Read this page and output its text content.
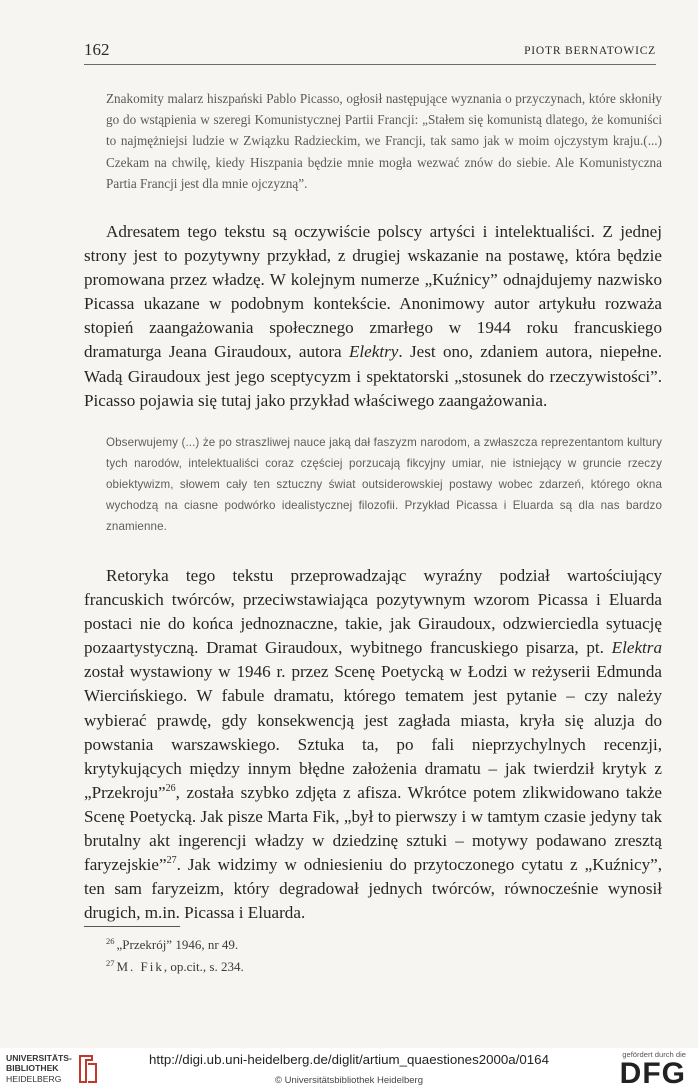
162	PIOTR BERNATOWICZ

Znakomity malarz hiszpański Pablo Picasso, ogłosił następujące wyznania o przyczynach, które skłoniły go do wstąpienia w szeregi Komunistycznej Partii Francji: „Stałem się komunistą dlatego, że komuniści to najmężniejsi ludzie w Związku Radzieckim, we Francji, tak samo jak w moim ojczystym kraju.(...) Czekam na chwilę, kiedy Hiszpania będzie mnie mogła wezwać znów do siebie. Ale Komunistyczna Partia Francji jest dla mnie ojczyzną”.

Adresatem tego tekstu są oczywiście polscy artyści i intelektualiści. Z jednej strony jest to pozytywny przykład, z drugiej wskazanie na postawę, która będzie promowana przez władzę. W kolejnym numerze „Kuźnicy” odnajdujemy nazwisko Picassa ukazane w podobnym kontekście. Anonimowy autor artykułu rozważa stopień zaangażowania społecznego zmarłego w 1944 roku francuskiego dramaturga Jeana Giraudoux, autora Elektry. Jest ono, zdaniem autora, niepełne. Wadą Giraudoux jest jego sceptycyzm i spektatorski „stosunek do rzeczywistości”. Picasso pojawia się tutaj jako przykład właściwego zaangażowania.

Obserwujemy (...) że po straszliwej nauce jaką dał faszyzm narodom, a zwłaszcza reprezentantom kultury tych narodów, intelektualiści coraz częściej porzucają fikcyjny umiar, nie istniejący w gruncie rzeczy obiektywizm, słowem cały ten sztuczny świat outsiderowskiej postawy wobec zdarzeń, którego okna wychodzą na ciasne podwórko idealistycznej filozofii. Przykład Picassa i Eluarda są dla nas bardzo znamienne.

Retoryka tego tekstu przeprowadzając wyraźny podział wartościujący francuskich twórców, przeciwstawiająca pozytywnym wzorom Picassa i Eluarda postaci nie do końca jednoznaczne, takie, jak Giraudoux, odzwierciedla sytuację pozaartystyczną. Dramat Giraudoux, wybitnego francuskiego pisarza, pt. Elektra został wystawiony w 1946 r. przez Scenę Poetycką w Łodzi w reżyserii Edmunda Wiercińskiego. W fabule dramatu, którego tematem jest pytanie – czy należy wybierać prawdę, gdy konsekwencją jest zagłada miasta, kryła się aluzja do powstania warszawskiego. Sztuka ta, po fali nieprzychylnych recenzji, krytykujących między innym błędne założenia dramatu – jak twierdził krytyk z „Przekroju”$^{26}$, została szybko zdjęta z afisza. Wkrótce potem zlikwidowano także Scenę Poetycką. Jak pisze Marta Fik, „był to pierwszy i w tamtym czasie jedyny tak brutalny akt ingerencji władzy w dziedzinę sztuki – motywy podawano zresztą faryzejskie”$^{27}$. Jak widzimy w odniesieniu do przytoczonego cytatu z „Kuźnicy”, ten sam faryzeizm, który degradował jednych twórców, równocześnie wynosił drugich, m.in. Picassa i Eluarda.

$^{26}$ „Przekrój” 1946, nr 49.
$^{27}$ M. Fik, op.cit., s. 234.
UNIVERSITÄTS-
BIBLIOTHEK
HEIDELBERG
http://digi.ub.uni-heidelberg.de/diglit/artium_quaestiones2000a/0164
© Universitätsbibliothek Heidelberg
gefördert durch die
DFG
